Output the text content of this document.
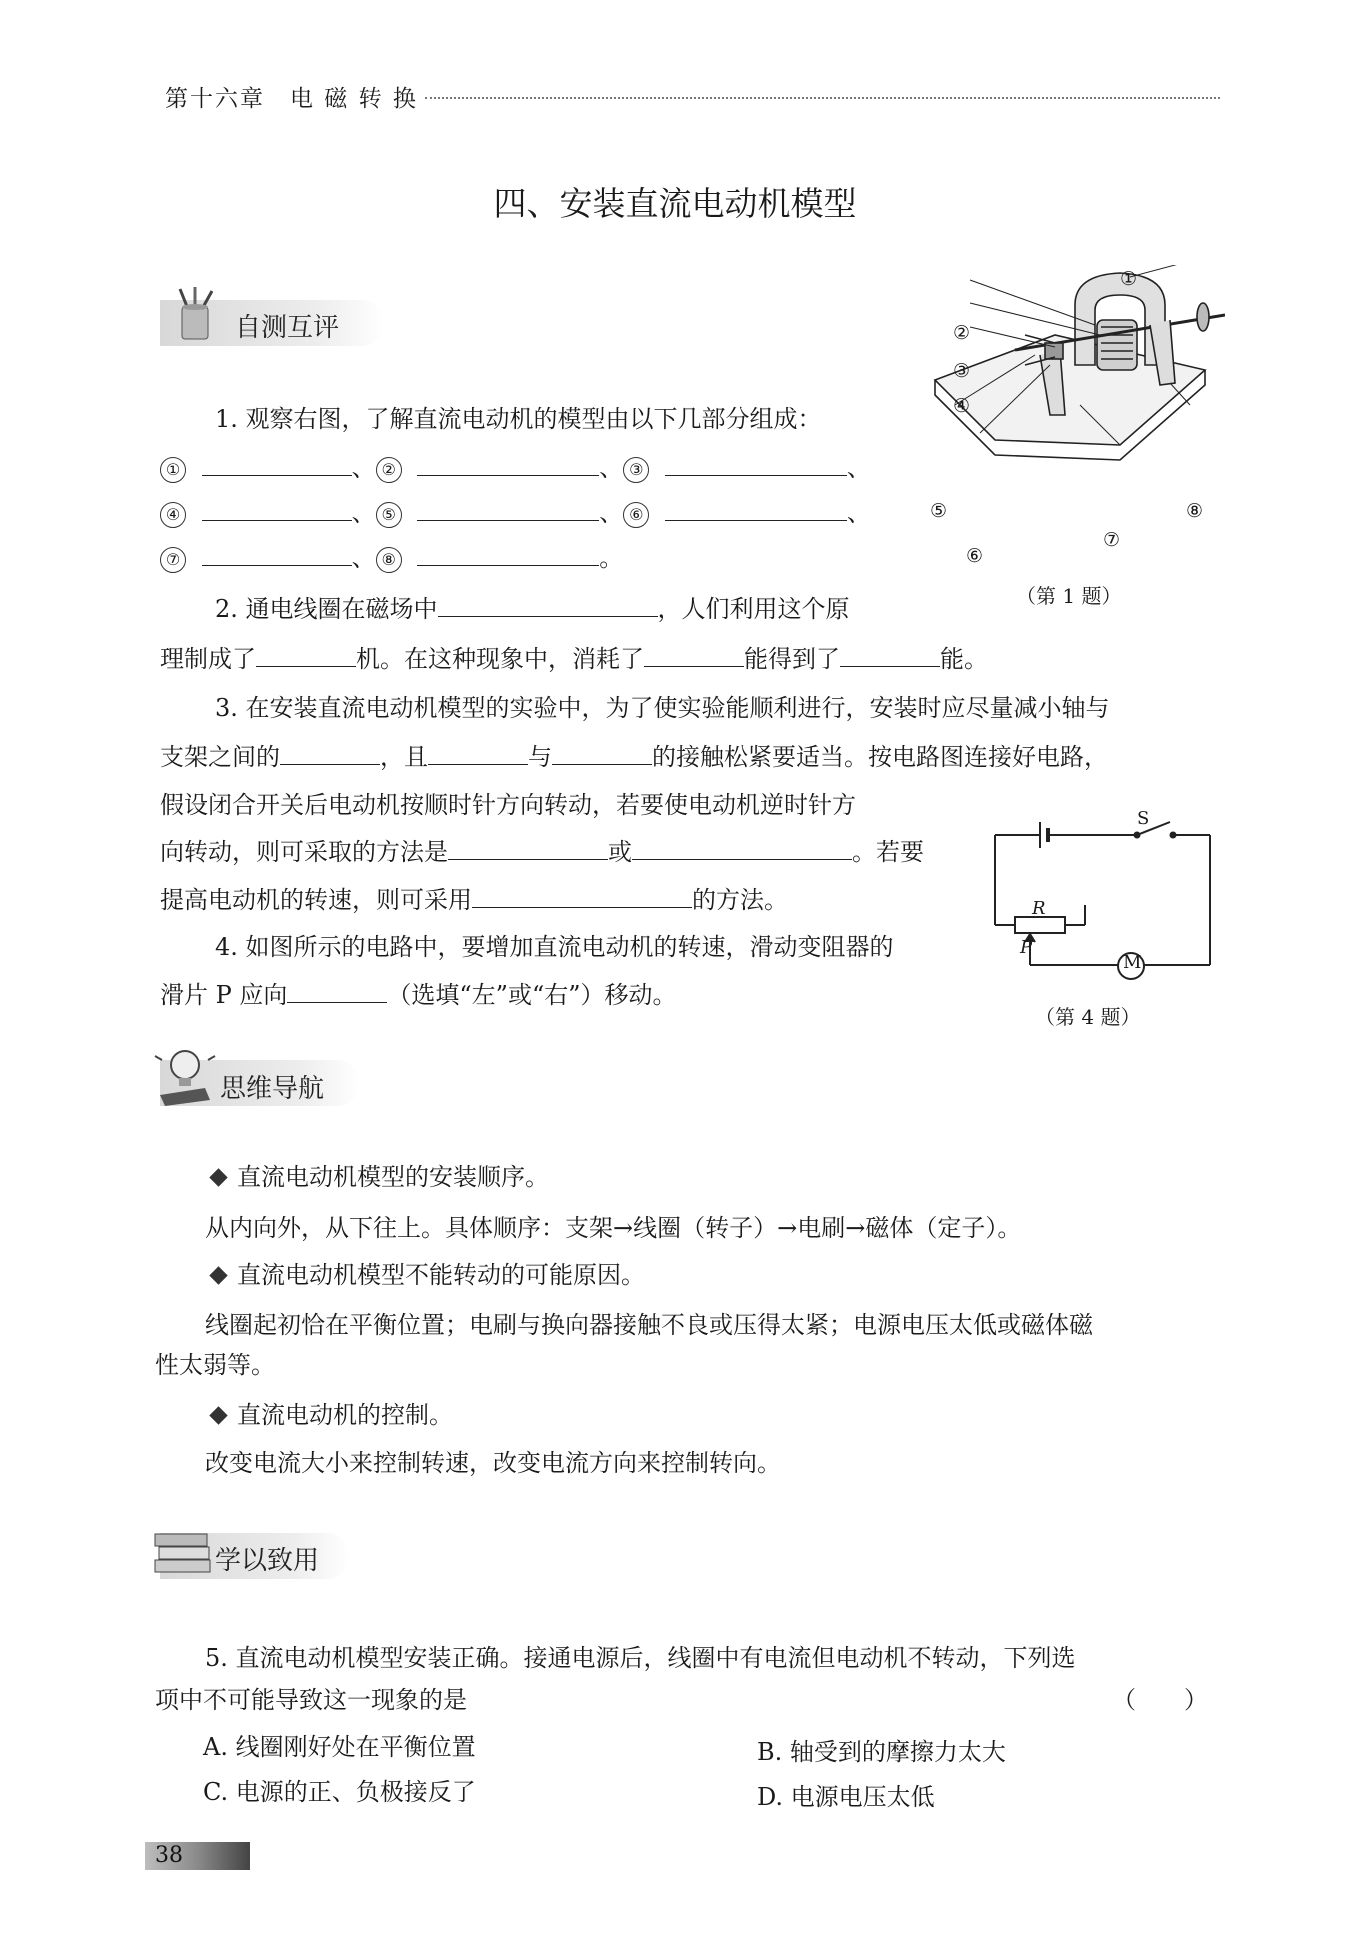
第十六章　电 磁 转 换
四、安装直流电动机模型
自测互评
1. 观察右图，了解直流电动机的模型由以下几部分组成：
①	、 ②	、 ③	、
④	、 ⑤	、 ⑥	、
⑦	、 ⑧	。
①
②
③
④
⑤
⑥
⑦
⑧
（第 1 题）
2. 通电线圈在磁场中	，人们利用这个原
理制成了	机。在这种现象中，消耗了	能得到了	能。
3. 在安装直流电动机模型的实验中，为了使实验能顺利进行，安装时应尽量减小轴与
支架之间的	，且	与	的接触松紧要适当。按电路图连接好电路，
假设闭合开关后电动机按顺时针方向转动，若要使电动机逆时针方
向转动，则可采取的方法是	或	。若要
提高电动机的转速，则可采用	的方法。
4. 如图所示的电路中，要增加直流电动机的转速，滑动变阻器的
滑片 P 应向	（选填“左”或“右”）移动。
M
S
R
P
（第 4 题）
思维导航
直流电动机模型的安装顺序。
从内向外，从下往上。具体顺序：支架→线圈（转子）→电刷→磁体（定子）。
直流电动机模型不能转动的可能原因。
线圈起初恰在平衡位置；电刷与换向器接触不良或压得太紧；电源电压太低或磁体磁
性太弱等。
直流电动机的控制。
改变电流大小来控制转速，改变电流方向来控制转向。
学以致用
5. 直流电动机模型安装正确。接通电源后，线圈中有电流但电动机不转动，下列选
项中不可能导致这一现象的是	（　　）
A. 线圈刚好处在平衡位置	B. 轴受到的摩擦力太大
C. 电源的正、负极接反了	D. 电源电压太低
38
